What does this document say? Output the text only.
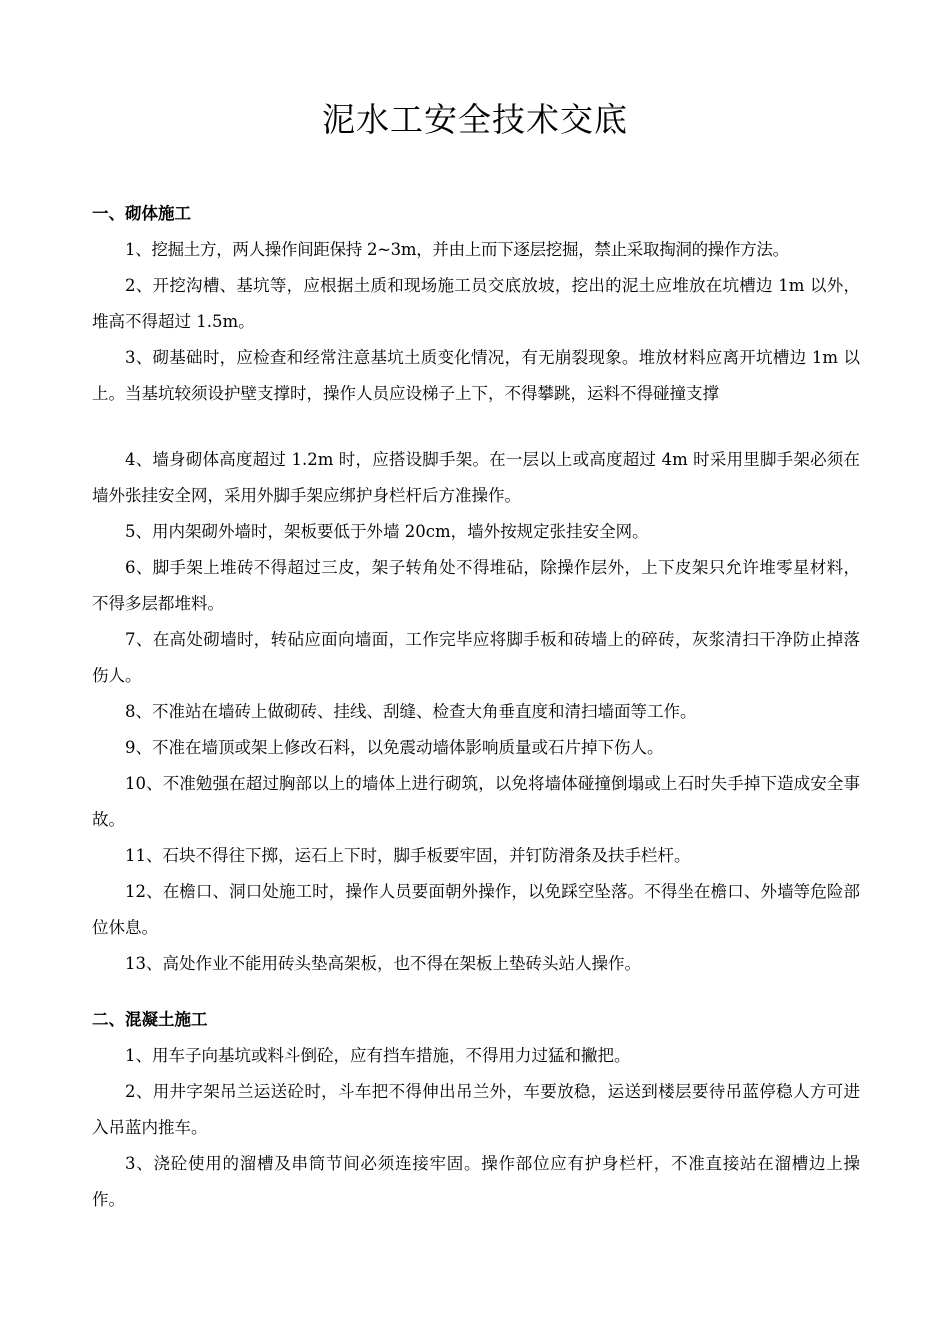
泥水工安全技术交底
一、砌体施工

1、挖掘土方，两人操作间距保持 2~3m，并由上而下逐层挖掘，禁止采取掏洞的操作方法。

2、开挖沟槽、基坑等，应根据土质和现场施工员交底放坡，挖出的泥土应堆放在坑槽边 1m 以外，堆高不得超过 1.5m。

3、砌基础时，应检查和经常注意基坑土质变化情况，有无崩裂现象。堆放材料应离开坑槽边 1m 以上。当基坑较须设护壁支撑时，操作人员应设梯子上下，不得攀跳，运料不得碰撞支撑

4、墙身砌体高度超过 1.2m 时，应搭设脚手架。在一层以上或高度超过 4m 时采用里脚手架必须在墙外张挂安全网，采用外脚手架应绑护身栏杆后方准操作。

5、用内架砌外墙时，架板要低于外墙 20cm，墙外按规定张挂安全网。

6、脚手架上堆砖不得超过三皮，架子转角处不得堆砧，除操作层外，上下皮架只允许堆零星材料，不得多层都堆料。

7、在高处砌墙时，转砧应面向墙面，工作完毕应将脚手板和砖墙上的碎砖，灰浆清扫干净防止掉落伤人。

8、不准站在墙砖上做砌砖、挂线、刮缝、检查大角垂直度和清扫墙面等工作。

9、不准在墙顶或架上修改石料，以免震动墙体影响质量或石片掉下伤人。

10、不准勉强在超过胸部以上的墙体上进行砌筑，以免将墙体碰撞倒塌或上石时失手掉下造成安全事故。

11、石块不得往下掷，运石上下时，脚手板要牢固，并钉防滑条及扶手栏杆。

12、在檐口、洞口处施工时，操作人员要面朝外操作，以免踩空坠落。不得坐在檐口、外墙等危险部位休息。

13、高处作业不能用砖头垫高架板，也不得在架板上垫砖头站人操作。

二、混凝土施工

1、用车子向基坑或料斗倒砼，应有挡车措施，不得用力过猛和撇把。

2、用井字架吊兰运送砼时，斗车把不得伸出吊兰外，车要放稳，运送到楼层要待吊蓝停稳人方可进入吊蓝内推车。

3、浇砼使用的溜槽及串筒节间必须连接牢固。操作部位应有护身栏杆，不准直接站在溜槽边上操作。
